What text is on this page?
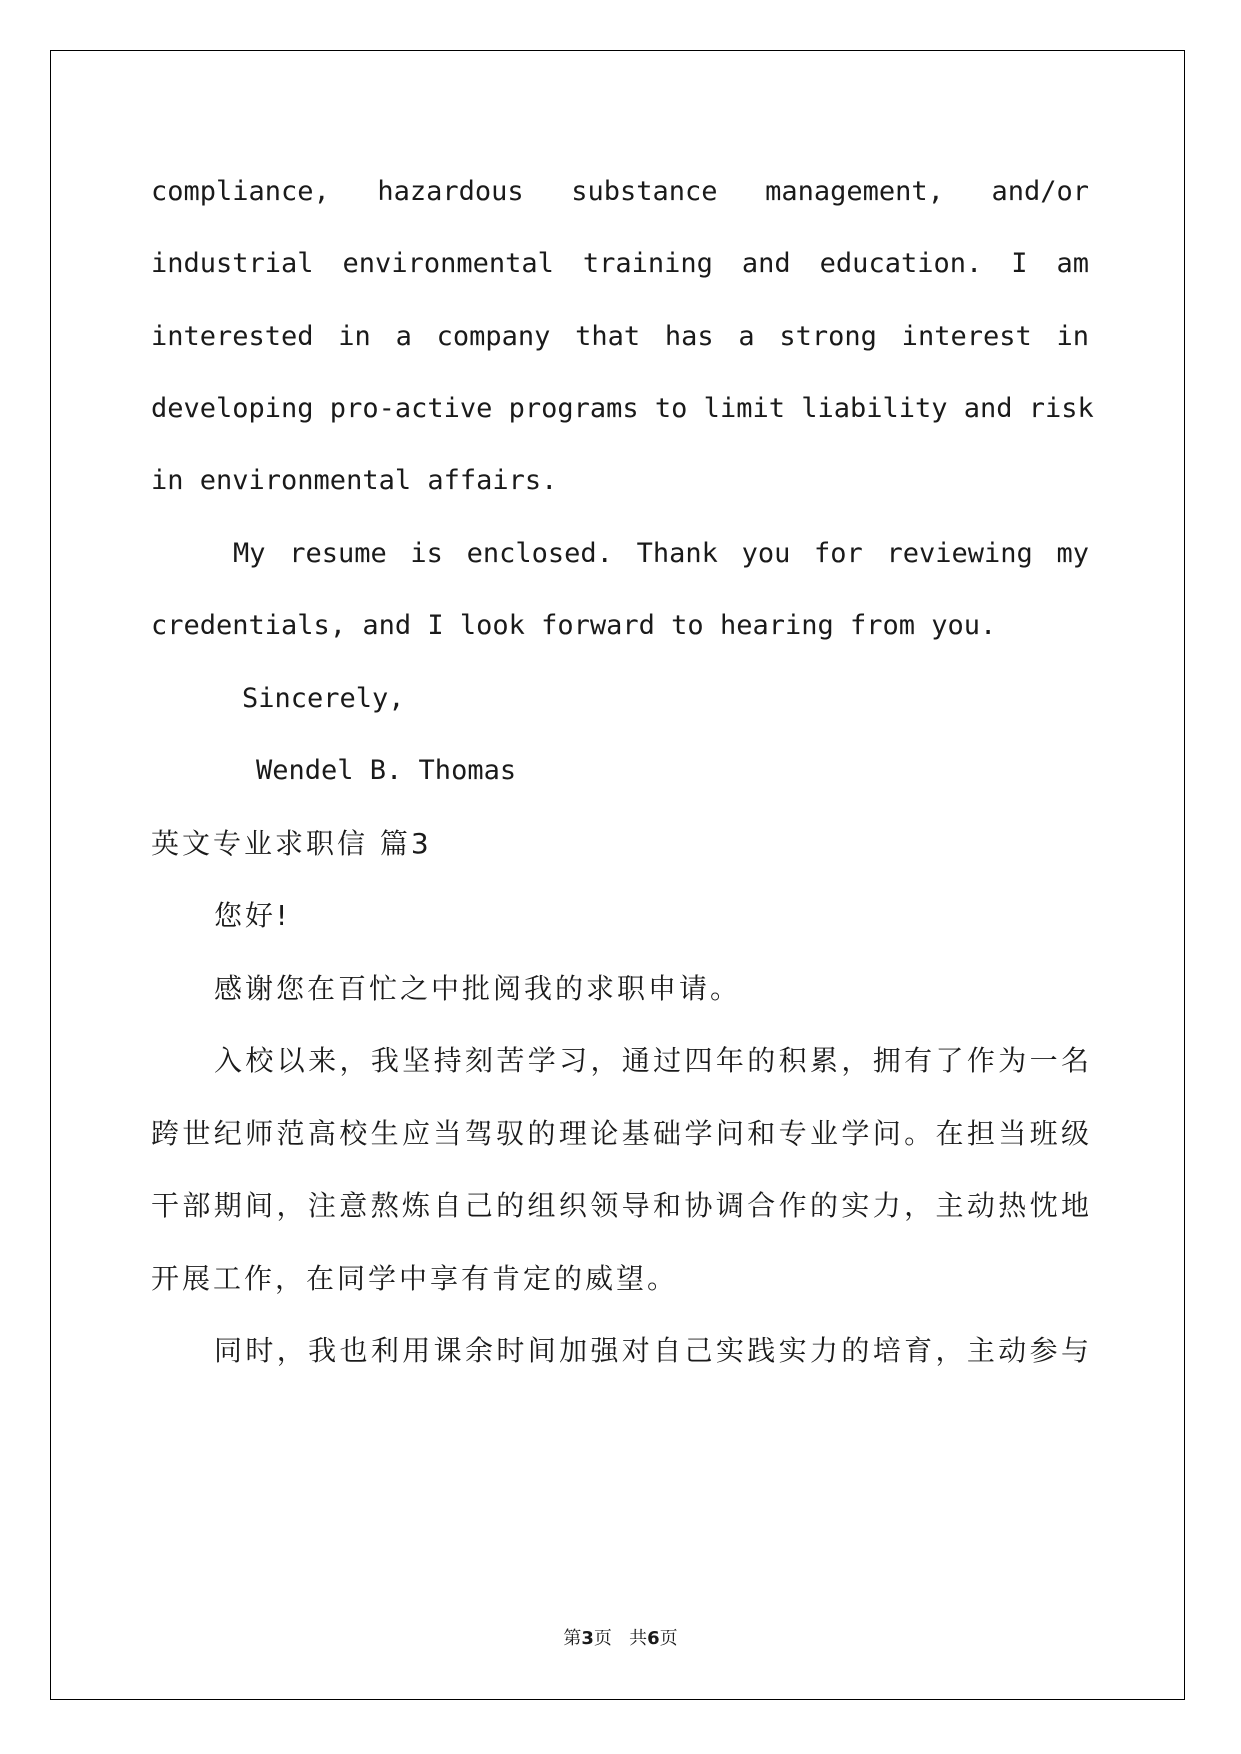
compliance, hazardous substance management, and/or

industrial environmental training and education. I am

interested in a company that has a strong interest in

developing pro-active programs to limit liability and risk

in environmental affairs.

My resume is enclosed. Thank you for reviewing my

credentials, and I look forward to hearing from you.

Sincerely,

Wendel B. Thomas

英文专业求职信 篇3

您好!

感谢您在百忙之中批阅我的求职申请。

入校以来，我坚持刻苦学习，通过四年的积累，拥有了作为一名

跨世纪师范高校生应当驾驭的理论基础学问和专业学问。在担当班级

干部期间，注意熬炼自己的组织领导和协调合作的实力，主动热忱地

开展工作，在同学中享有肯定的威望。

同时，我也利用课余时间加强对自己实践实力的培育，主动参与

第3页 共6页
